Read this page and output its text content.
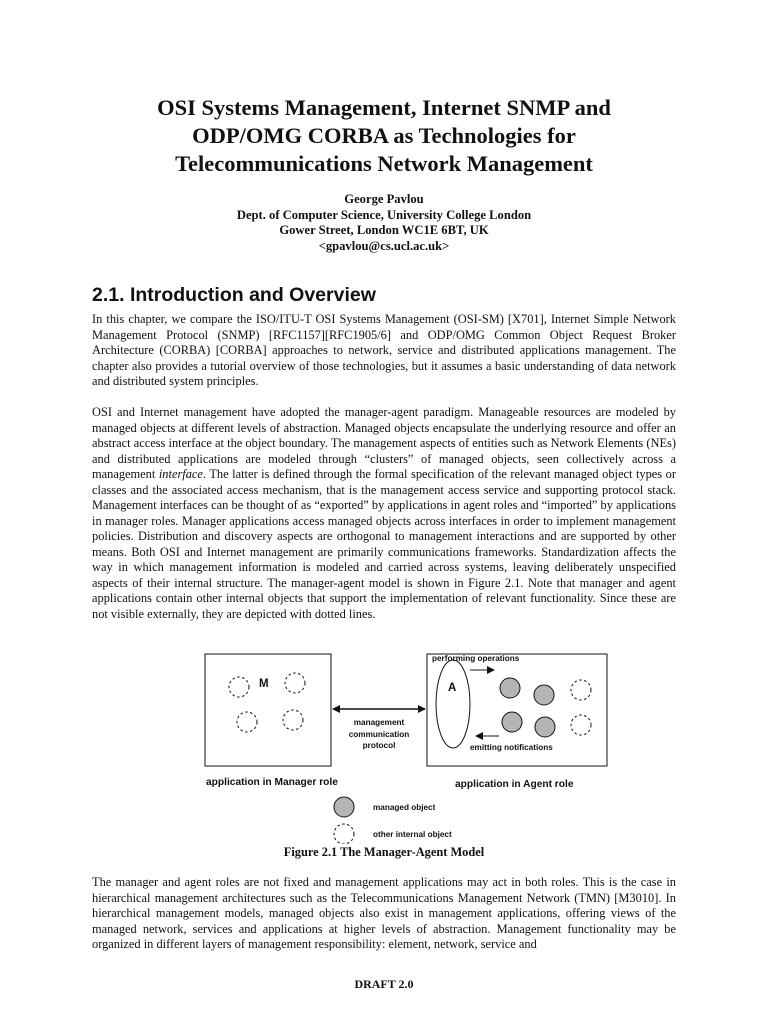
OSI Systems Management, Internet SNMP and
ODP/OMG CORBA as Technologies for
Telecommunications Network Management
George Pavlou
Dept. of Computer Science, University College London
Gower Street, London WC1E 6BT, UK
<gpavlou@cs.ucl.ac.uk>
2.1. Introduction and Overview

In this chapter, we compare the ISO/ITU-T OSI Systems Management (OSI-SM) [X701], Internet Simple Network Management Protocol (SNMP) [RFC1157][RFC1905/6] and ODP/OMG Common Object Request Broker Architecture (CORBA) [CORBA] approaches to network, service and distributed applications management. The chapter also provides a tutorial overview of those technologies, but it assumes a basic understanding of data network and distributed system principles.

OSI and Internet management have adopted the manager-agent paradigm. Manageable resources are modeled by managed objects at different levels of abstraction. Managed objects encapsulate the underlying resource and offer an abstract access interface at the object boundary. The management aspects of entities such as Network Elements (NEs) and distributed applications are modeled through “clusters” of managed objects, seen collectively across a management interface. The latter is defined through the formal specification of the relevant managed object types or classes and the associated access mechanism, that is the management access service and supporting protocol stack. Management interfaces can be thought of as “exported” by applications in agent roles and “imported” by applications in manager roles. Manager applications access managed objects across interfaces in order to implement management policies. Distribution and discovery aspects are orthogonal to management interactions and are supported by other means. Both OSI and Internet management are primarily communications frameworks. Standardization affects the way in which management information is modeled and carried across systems, leaving deliberately unspecified aspects of their internal structure. The manager-agent model is shown in Figure 2.1. Note that manager and agent applications contain other internal objects that support the implementation of relevant functionality. Since these are not visible externally, they are depicted with dotted lines.

M	A
performing operations
emitting notifications
management
communication
protocol
application in Manager role	application in Agent role
managed object
other internal object
Figure 2.1 The Manager-Agent Model

The manager and agent roles are not fixed and management applications may act in both roles. This is the case in hierarchical management architectures such as the Telecommunications Management Network (TMN) [M3010]. In hierarchical management models, managed objects also exist in management applications, offering views of the managed network, services and applications at higher levels of abstraction. Management functionality may be organized in different layers of management responsibility: element, network, service and

DRAFT 2.0
